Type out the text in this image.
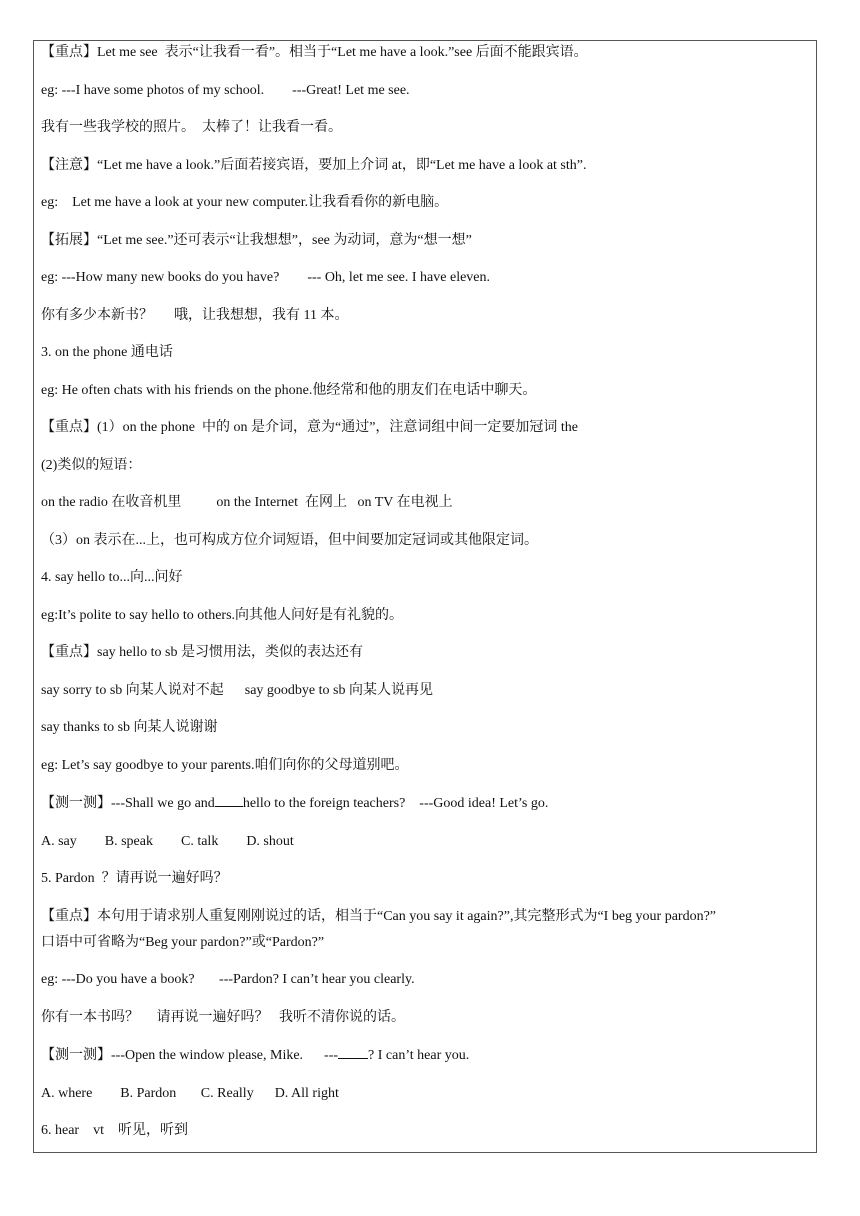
【重点】Let me see  表示“让我看一看”。相当于“Let me have a look.”see 后面不能跟宾语。

eg: ---I have some photos of my school.        ---Great! Let me see.

我有一些我学校的照片。  太棒了！让我看一看。

【注意】“Let me have a look.”后面若接宾语，要加上介词 at，即“Let me have a look at sth”.

eg:    Let me have a look at your new computer.让我看看你的新电脑。

【拓展】“Let me see.”还可表示“让我想想”，see 为动词，意为“想一想”

eg: ---How many new books do you have?        --- Oh, let me see. I have eleven.

你有多少本新书？      哦，让我想想，我有 11 本。

3. on the phone 通电话

eg: He often chats with his friends on the phone.他经常和他的朋友们在电话中聊天。

【重点】(1）on the phone  中的 on 是介词，意为“通过”，注意词组中间一定要加冠词 the

(2)类似的短语：

on the radio 在收音机里          on the Internet  在网上   on TV 在电视上

（3）on 表示在...上，也可构成方位介词短语，但中间要加定冠词或其他限定词。

4. say hello to...向...问好

eg:It’s polite to say hello to others.向其他人问好是有礼貌的。

【重点】say hello to sb 是习惯用法，类似的表达还有

say sorry to sb 向某人说对不起      say goodbye to sb 向某人说再见

say thanks to sb 向某人说谢谢

eg: Let’s say goodbye to your parents.咱们向你的父母道别吧。

【测一测】---Shall we go and hello to the foreign teachers?    ---Good idea! Let’s go.

A. say        B. speak        C. talk        D. shout

5. Pardon  ？请再说一遍好吗？

【重点】本句用于请求别人重复刚刚说过的话，相当于“Can you say it again?”,其完整形式为“I beg your pardon?”

口语中可省略为“Beg your pardon?”或“Pardon?”

eg: ---Do you have a book?       ---Pardon? I can’t hear you clearly.

你有一本书吗？     请再说一遍好吗？   我听不清你说的话。

【测一测】---Open the window please, Mike.      --- ? I can’t hear you.

A. where        B. Pardon       C. Really      D. All right

6. hear    vt    听见，听到
